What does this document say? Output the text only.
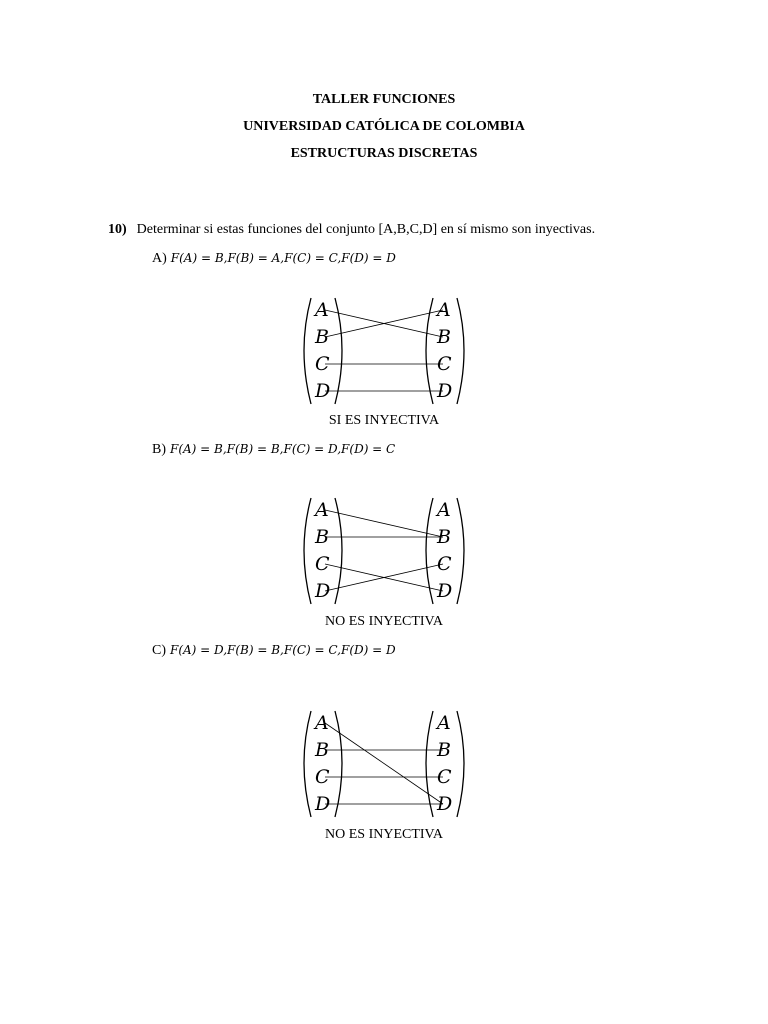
TALLER FUNCIONES
UNIVERSIDAD CATÓLICA DE COLOMBIA
ESTRUCTURAS DISCRETAS
10) Determinar si estas funciones del conjunto [A,B,C,D] en sí mismo son inyectivas.
A) F(A) = B,F(B) = A,F(C) = C,F(D) = D
A
B
C
D
A
B
C
D
SI ES INYECTIVA
B) F(A) = B,F(B) = B,F(C) = D,F(D) = C
A
B
C
D
A
B
C
D
NO ES INYECTIVA
C) F(A) = D,F(B) = B,F(C) = C,F(D) = D
A
B
C
D
A
B
C
D
NO ES INYECTIVA
